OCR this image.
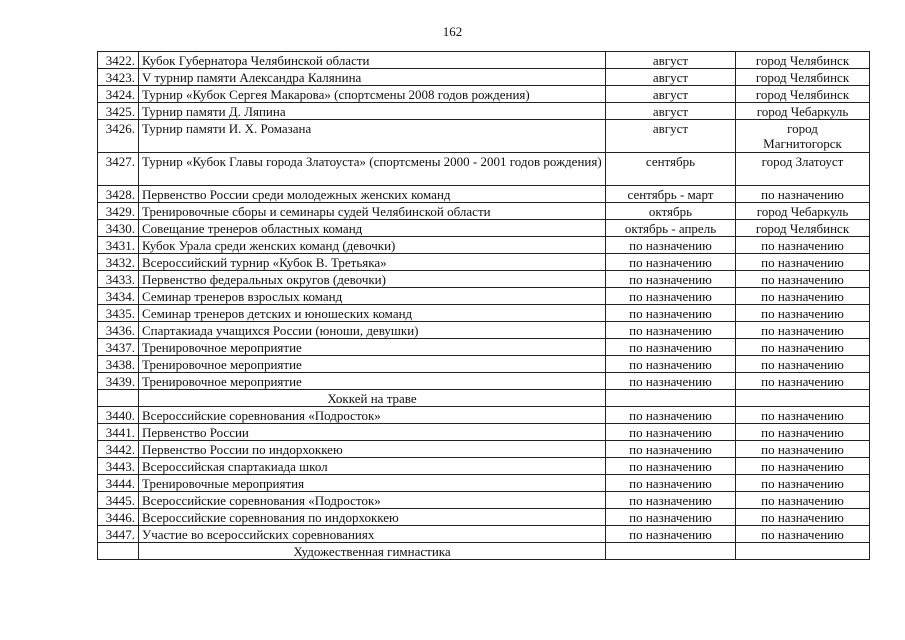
162
3422.	Кубок Губернатора Челябинской области	август	город Челябинск
3423.	V турнир памяти Александра Калянина	август	город Челябинск
3424.	Турнир «Кубок Сергея Макарова» (спортсмены 2008 годов рождения)	август	город Челябинск
3425.	Турнир памяти Д. Ляпина	август	город Чебаркуль
3426.	Турнир памяти И. Х. Ромазана	август	город Магнитогорск
3427.	Турнир «Кубок Главы города Златоуста» (спортсмены 2000 - 2001 годов рождения)	сентябрь	город Златоуст
3428.	Первенство России среди молодежных женских команд	сентябрь - март	по назначению
3429.	Тренировочные сборы и семинары судей Челябинской области	октябрь	город Чебаркуль
3430.	Совещание тренеров областных команд	октябрь - апрель	город Челябинск
3431.	Кубок Урала среди женских команд (девочки)	по назначению	по назначению
3432.	Всероссийский турнир «Кубок В. Третьяка»	по назначению	по назначению
3433.	Первенство федеральных округов (девочки)	по назначению	по назначению
3434.	Семинар тренеров взрослых команд	по назначению	по назначению
3435.	Семинар тренеров детских и юношеских команд	по назначению	по назначению
3436.	Спартакиада учащихся России (юноши, девушки)	по назначению	по назначению
3437.	Тренировочное мероприятие	по назначению	по назначению
3438.	Тренировочное мероприятие	по назначению	по назначению
3439.	Тренировочное мероприятие	по назначению	по назначению
	Хоккей на траве		
3440.	Всероссийские соревнования «Подросток»	по назначению	по назначению
3441.	Первенство России	по назначению	по назначению
3442.	Первенство России по индорхоккею	по назначению	по назначению
3443.	Всероссийская спартакиада школ	по назначению	по назначению
3444.	Тренировочные мероприятия	по назначению	по назначению
3445.	Всероссийские соревнования «Подросток»	по назначению	по назначению
3446.	Всероссийские соревнования по индорхоккею	по назначению	по назначению
3447.	Участие во всероссийских соревнованиях	по назначению	по назначению
	Художественная гимнастика		
